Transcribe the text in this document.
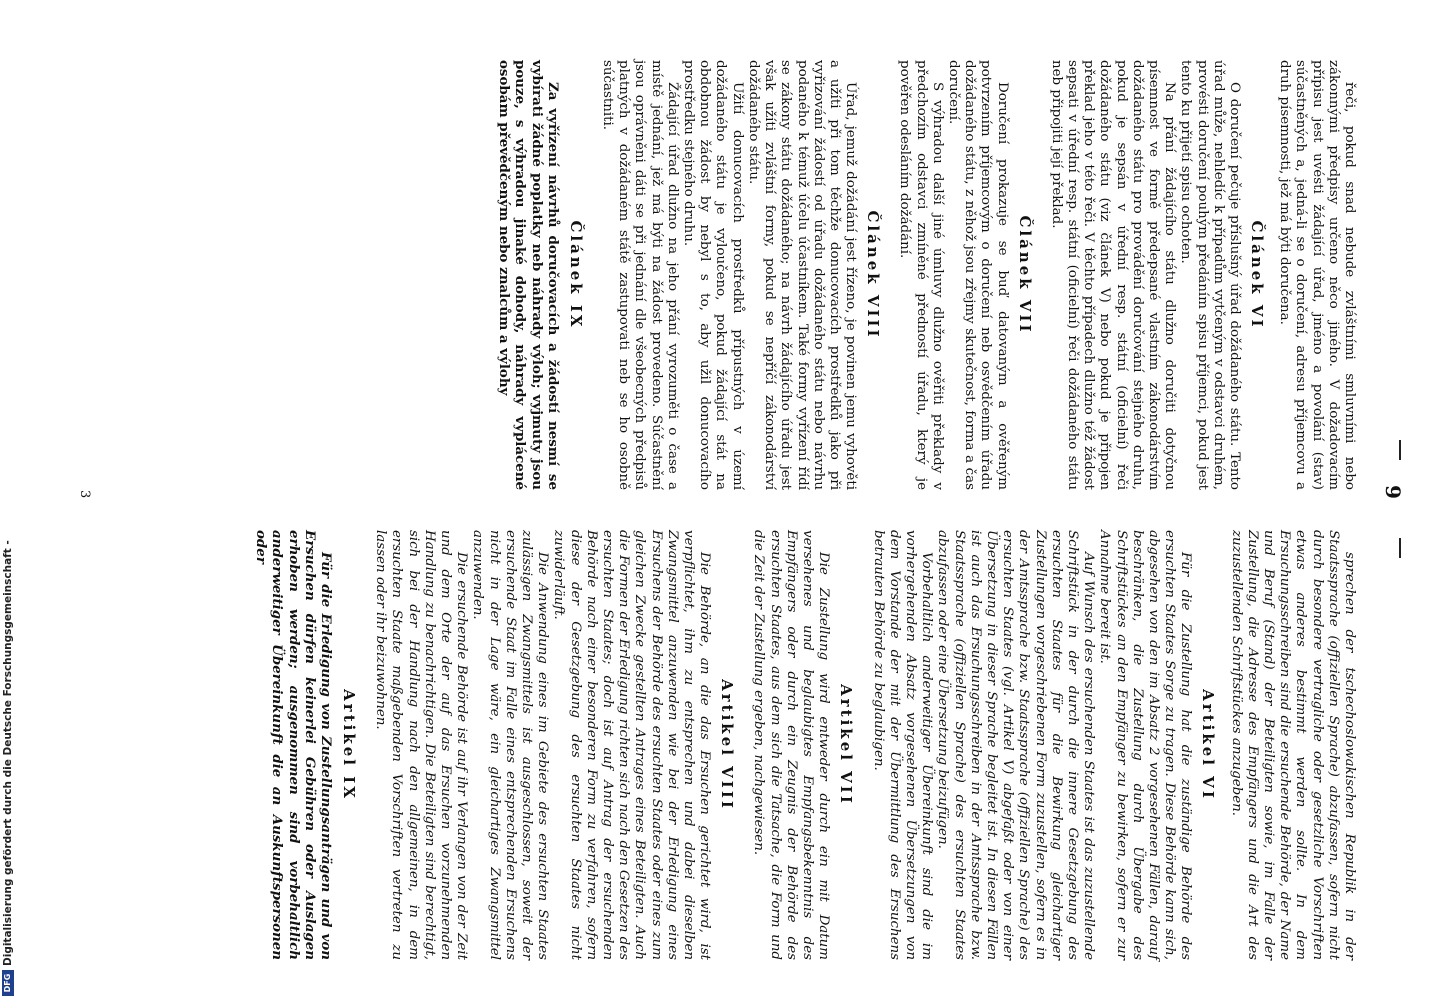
DFG
Digitalisierung gefördert durch die Deutsche Forschungsgemeinschaft -
9

řeči, pokud snad nebude zvláštními smluvními nebo zákonnými předpisy určeno něco jiného. V dožadovacím přípisu jest uvésti žádající úřad, jméno a povolání (stav) súčastněných a, jedná-li se o doručení, adresu příjemcovu a druh písemnosti, jež má býti doručena.

Článek VI

O doručení pečuje příslušný úřad dožádaného státu. Tento úřad může, nehledíc k případům vytčeným v odstavci druhém, provésti doručení pouhým předáním spisu příjemci, pokud jest tento ku přijetí spisu ochoten.

Na přání žádajícího státu dlužno doručiti dotyčnou písemnost ve formě předepsané vlastním zákonodárstvím dožádaného státu pro provádění doručování stejného druhu, pokud je sepsán v úřední resp. státní (oficielní) řeči dožádaného státu (viz článek V) nebo pokud je připojen překlad jeho v této řeči. V těchto případech dlužno též žádost sepsati v úřední resp. státní (oficielní) řeči dožádaného státu neb připojiti její překlad.

Článek VII

Doručení prokazuje se buď datovaným a ověřeným potvrzením příjemcovým o doručení neb osvědčením úřadu dožádaného státu, z něhož jsou zřejmy skutečnost, forma a čas doručení.

S výhradou další jiné úmluvy dlužno ověřiti překlady v předchozím odstavci zmíněné předností úřadu, který je pověřen odesláním dožádání.

Článek VIII

Úřad, jemuž dožádání jest řízeno, je povinen jemu vyhověti a užíti při tom těchže donucovacích prostředků jako při vyřizování žádostí od úřadu dožádaného státu nebo návrhu podaného k témuž účelu účastníkem. Také formy vyřízení řídí se zákony státu dožádaného; na návrh žádajícího úřadu jest však užíti zvláštní formy, pokud se nepříčí zákonodárství dožádaného státu.

Užití donucovacích prostředků přípustných v území dožádaného státu je vyloučeno, pokud žádající stát na obdobnou žádost by nebyl s to, aby užil donucovacího prostředku stejného druhu.

Žádající úřad dlužno na jeho přání vyrozuměti o čase a místě jednání, jež má býti na žádost provedeno. Súčastnění jsou oprávněni dáti se při jednání dle všeobecných předpisů platných v dožádaném státě zastupovati neb se ho osobně súčastniti.

Článek IX

Za vyřízení návrhů doručovacích a žádostí nesmí se vybírati žádné poplatky neb náhrady výloh; vyjmuty jsou pouze, s výhradou jinaké dohody, náhrady vyplácené osobám převědčeným nebo znalcům a výlohy

sprechen der tschechoslowakischen Republik in der Staatssprache (offiziellen Sprache) abzufassen, sofern nicht durch besondere vertragliche oder gesetzliche Vorschriften etwas anderes bestimmt werden sollte. In dem Ersuchungsschreiben sind die ersuchende Behörde, der Name und Beruf (Stand) der Beteiligten sowie, im Falle der Zustellung, die Adresse des Empfängers und die Art des zuzustellenden Schriftstückes anzugeben.

Artikel VI

Für die Zustellung hat die zuständige Behörde des ersuchten Staates Sorge zu tragen. Diese Behörde kann sich, abgesehen von den im Absatz 2 vorgesehenen Fällen, darauf beschränken, die Zustellung durch Übergabe des Schriftstückes an den Empfänger zu bewirken, sofern er zur Annahme bereit ist.

Auf Wunsch des ersuchenden Staates ist das zuzustellende Schriftstück in der durch die innere Gesetzgebung des ersuchten Staates für die Bewirkung gleichartiger Zustellungen vorgeschriebenen Form zuzustellen, sofern es in der Amtssprache bzw. Staatssprache (offiziellen Sprache) des ersuchten Staates (vgl. Artikel V) abgefaßt oder von einer Übersetzung in dieser Sprache begleitet ist. In diesen Fällen ist auch das Ersuchungsschreiben in der Amtssprache bzw. Staatssprache (offiziellen Sprache) des ersuchten Staates abzufassen oder eine Übersetzung beizufügen.

Vorbehaltlich anderweitiger Übereinkunft sind die im vorhergehenden Absatz vorgesehenen Übersetzungen von dem Vorstande der mit der Übermittlung des Ersuchens betrauten Behörde zu beglaubigen.

Artikel VII

Die Zustellung wird entweder durch ein mit Datum versehenes und beglaubigtes Empfangsbekenntnis des Empfängers oder durch ein Zeugnis der Behörde des ersuchten Staates, aus dem sich die Tatsache, die Form und die Zeit der Zustellung ergeben, nachgewiesen.

Artikel VIII

Die Behörde, an die das Ersuchen gerichtet wird, ist verpflichtet, ihm zu entsprechen und dabei dieselben Zwangsmittel anzuwenden wie bei der Erledigung eines Ersuchens der Behörde des ersuchten Staates oder eines zum gleichen Zwecke gestellten Antrages eines Beteiligten. Auch die Formen der Erledigung richten sich nach den Gesetzen des ersuchten Staates; doch ist auf Antrag der ersuchenden Behörde nach einer besonderen Form zu verfahren, sofern diese der Gesetzgebung des ersuchten Staates nicht zuwiderläuft.

Die Anwendung eines im Gebiete des ersuchten Staates zulässigen Zwangsmittels ist ausgeschlossen, soweit der ersuchende Staat im Falle eines entsprechenden Ersuchens nicht in der Lage wäre, ein gleichartiges Zwangsmittel anzuwenden.

Die ersuchende Behörde ist auf ihr Verlangen von der Zeit und dem Orte der auf das Ersuchen vorzunehmenden Handlung zu benachrichtigen. Die Beteiligten sind berechtigt, sich bei der Handlung nach den allgemeinen, in dem ersuchten Staate maßgebenden Vorschriften vertreten zu lassen oder ihr beizuwohnen.

Artikel IX

Für die Erledigung von Zustellungsanträgen und von Ersuchen dürfen keinerlei Gebühren oder Auslagen erhoben werden; ausgenommen sind vorbehaltlich anderweitiger Übereinkunft die an Auskunftspersonen oder

3
